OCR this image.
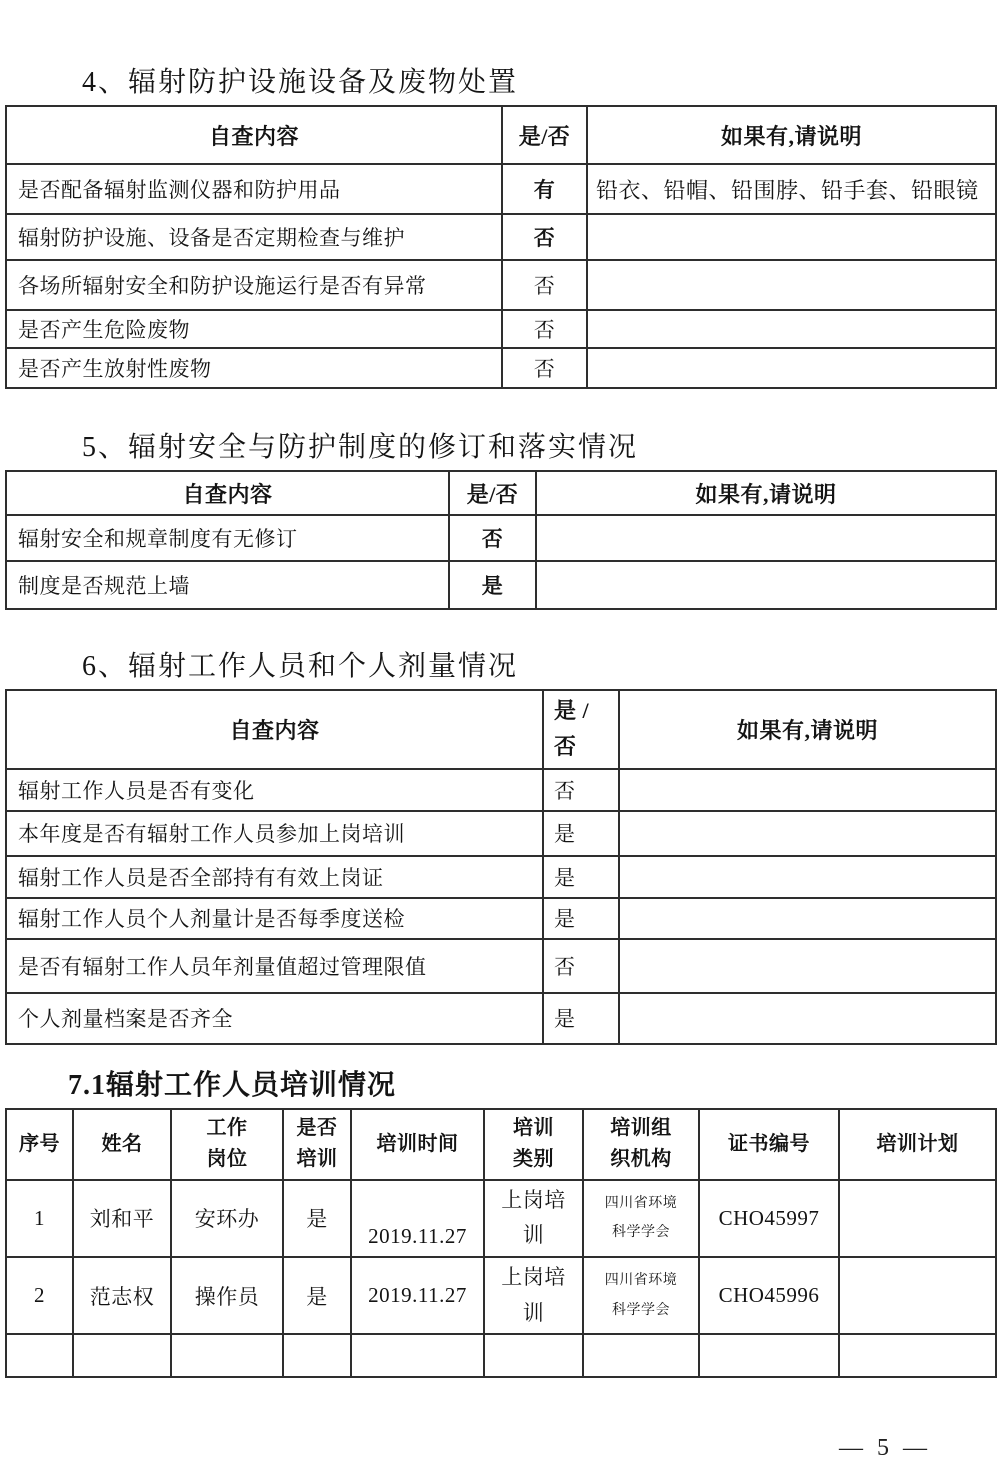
4、辐射防护设施设备及废物处置
自查内容	是/否	如果有,请说明
是否配备辐射监测仪器和防护用品	有	铅衣、铅帽、铅围脖、铅手套、铅眼镜
辐射防护设施、设备是否定期检查与维护	否	
各场所辐射安全和防护设施运行是否有异常	否	
是否产生危险废物	否	
是否产生放射性废物	否	
5、辐射安全与防护制度的修订和落实情况
自查内容	是/否	如果有,请说明
辐射安全和规章制度有无修订	否	
制度是否规范上墙	是	
6、辐射工作人员和个人剂量情况
自查内容	是 / 否	如果有,请说明
辐射工作人员是否有变化	否	
本年度是否有辐射工作人员参加上岗培训	是	
辐射工作人员是否全部持有有效上岗证	是	
辐射工作人员个人剂量计是否每季度送检	是	
是否有辐射工作人员年剂量值超过管理限值	否	
个人剂量档案是否齐全	是	
7.1辐射工作人员培训情况
序号	姓名	工作岗位	是否培训	培训时间	培训类别	培训组织机构	证书编号	培训计划
1	刘和平	安环办	是	2019.11.27	上岗培训	四川省环境科学学会	CHO45997	
2	范志权	操作员	是	2019.11.27	上岗培训	四川省环境科学学会	CHO45996	

— 5 —
